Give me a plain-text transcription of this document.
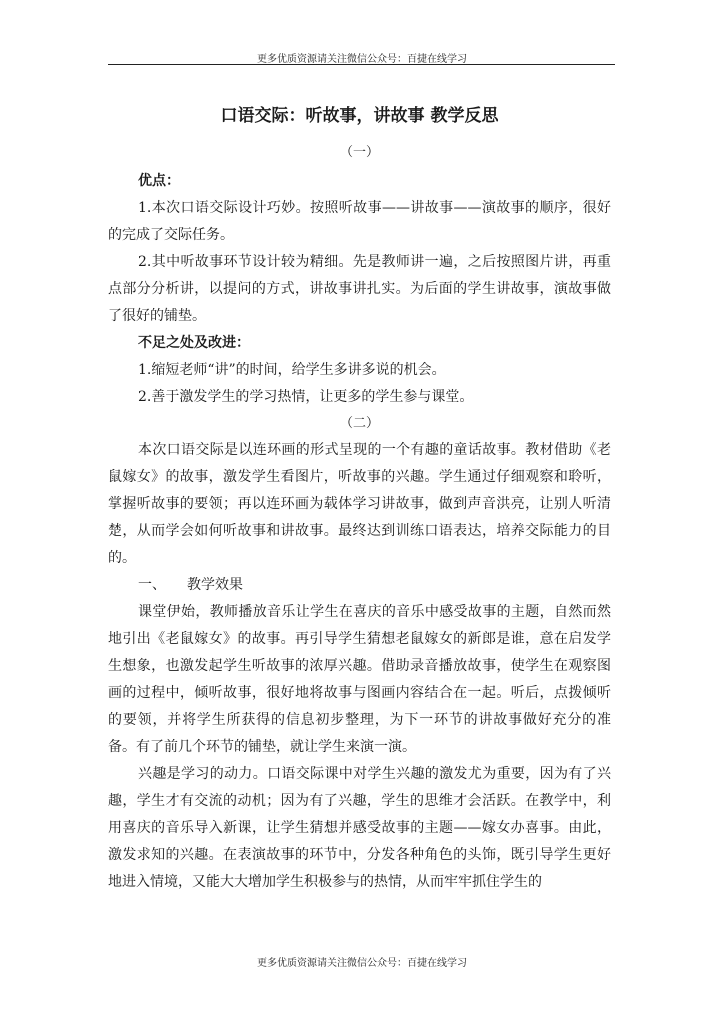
更多优质资源请关注微信公众号：百捷在线学习
口语交际：听故事，讲故事 教学反思
（一）

优点：

1.本次口语交际设计巧妙。按照听故事——讲故事——演故事的顺序，很好的完成了交际任务。

2.其中听故事环节设计较为精细。先是教师讲一遍，之后按照图片讲，再重点部分分析讲，以提问的方式，讲故事讲扎实。为后面的学生讲故事，演故事做了很好的铺垫。

不足之处及改进：

1.缩短老师“讲”的时间，给学生多讲多说的机会。

2.善于激发学生的学习热情，让更多的学生参与课堂。

（二）

本次口语交际是以连环画的形式呈现的一个有趣的童话故事。教材借助《老鼠嫁女》的故事，激发学生看图片，听故事的兴趣。学生通过仔细观察和聆听，掌握听故事的要领；再以连环画为载体学习讲故事，做到声音洪亮，让别人听清楚，从而学会如何听故事和讲故事。最终达到训练口语表达，培养交际能力的目的。

一、　　教学效果

课堂伊始，教师播放音乐让学生在喜庆的音乐中感受故事的主题，自然而然地引出《老鼠嫁女》的故事。再引导学生猜想老鼠嫁女的新郎是谁，意在启发学生想象，也激发起学生听故事的浓厚兴趣。借助录音播放故事，使学生在观察图画的过程中，倾听故事，很好地将故事与图画内容结合在一起。听后，点拨倾听的要领，并将学生所获得的信息初步整理，为下一环节的讲故事做好充分的准备。有了前几个环节的铺垫，就让学生来演一演。

兴趣是学习的动力。口语交际课中对学生兴趣的激发尤为重要，因为有了兴趣，学生才有交流的动机；因为有了兴趣，学生的思维才会活跃。在教学中，利用喜庆的音乐导入新课，让学生猜想并感受故事的主题——嫁女办喜事。由此，激发求知的兴趣。在表演故事的环节中，分发各种角色的头饰，既引导学生更好地进入情境，又能大大增加学生积极参与的热情，从而牢牢抓住学生的

更多优质资源请关注微信公众号：百捷在线学习
